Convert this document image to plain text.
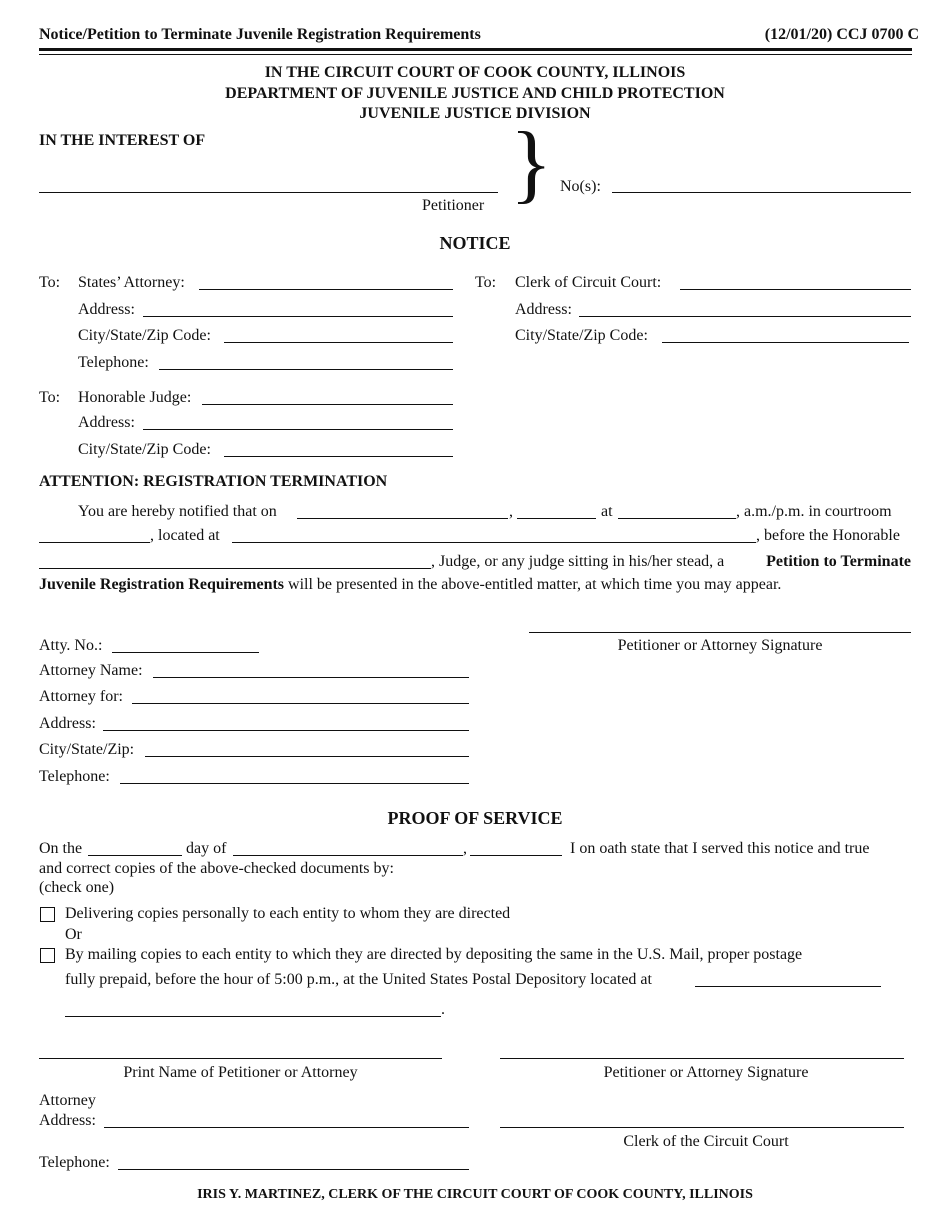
Notice/Petition to Terminate Juvenile Registration Requirements	(12/01/20) CCJ 0700 C
IN THE CIRCUIT COURT OF COOK COUNTY, ILLINOIS
DEPARTMENT OF JUVENILE JUSTICE AND CHILD PROTECTION
JUVENILE JUSTICE DIVISION
IN THE INTEREST OF
Petitioner } No(s):
NOTICE
To: States’ Attorney:
Address:
City/State/Zip Code:
Telephone:
To: Clerk of Circuit Court:
Address:
City/State/Zip Code:
To: Honorable Judge:
Address:
City/State/Zip Code:
ATTENTION: REGISTRATION TERMINATION
You are hereby notified that on	,	at	, a.m./p.m. in courtroom
, located at	, before the Honorable
, Judge, or any judge sitting in his/her stead, a	Petition to Terminate
Juvenile Registration Requirements will be presented in the above-entitled matter, at which time you may appear.
Petitioner or Attorney Signature
Atty. No.:
Attorney Name:
Attorney for:
Address:
City/State/Zip:
Telephone:
PROOF OF SERVICE
On the	day of	,	I on oath state that I served this notice and true
and correct copies of the above-checked documents by:
(check one)
Delivering copies personally to each entity to whom they are directed
Or
By mailing copies to each entity to which they are directed by depositing the same in the U.S. Mail, proper postage
fully prepaid, before the hour of 5:00 p.m., at the United States Postal Depository located at
.
Print Name of Petitioner or Attorney	Petitioner or Attorney Signature
Attorney
Address:
Clerk of the Circuit Court
Telephone:
IRIS Y. MARTINEZ, CLERK OF THE CIRCUIT COURT OF COOK COUNTY, ILLINOIS
